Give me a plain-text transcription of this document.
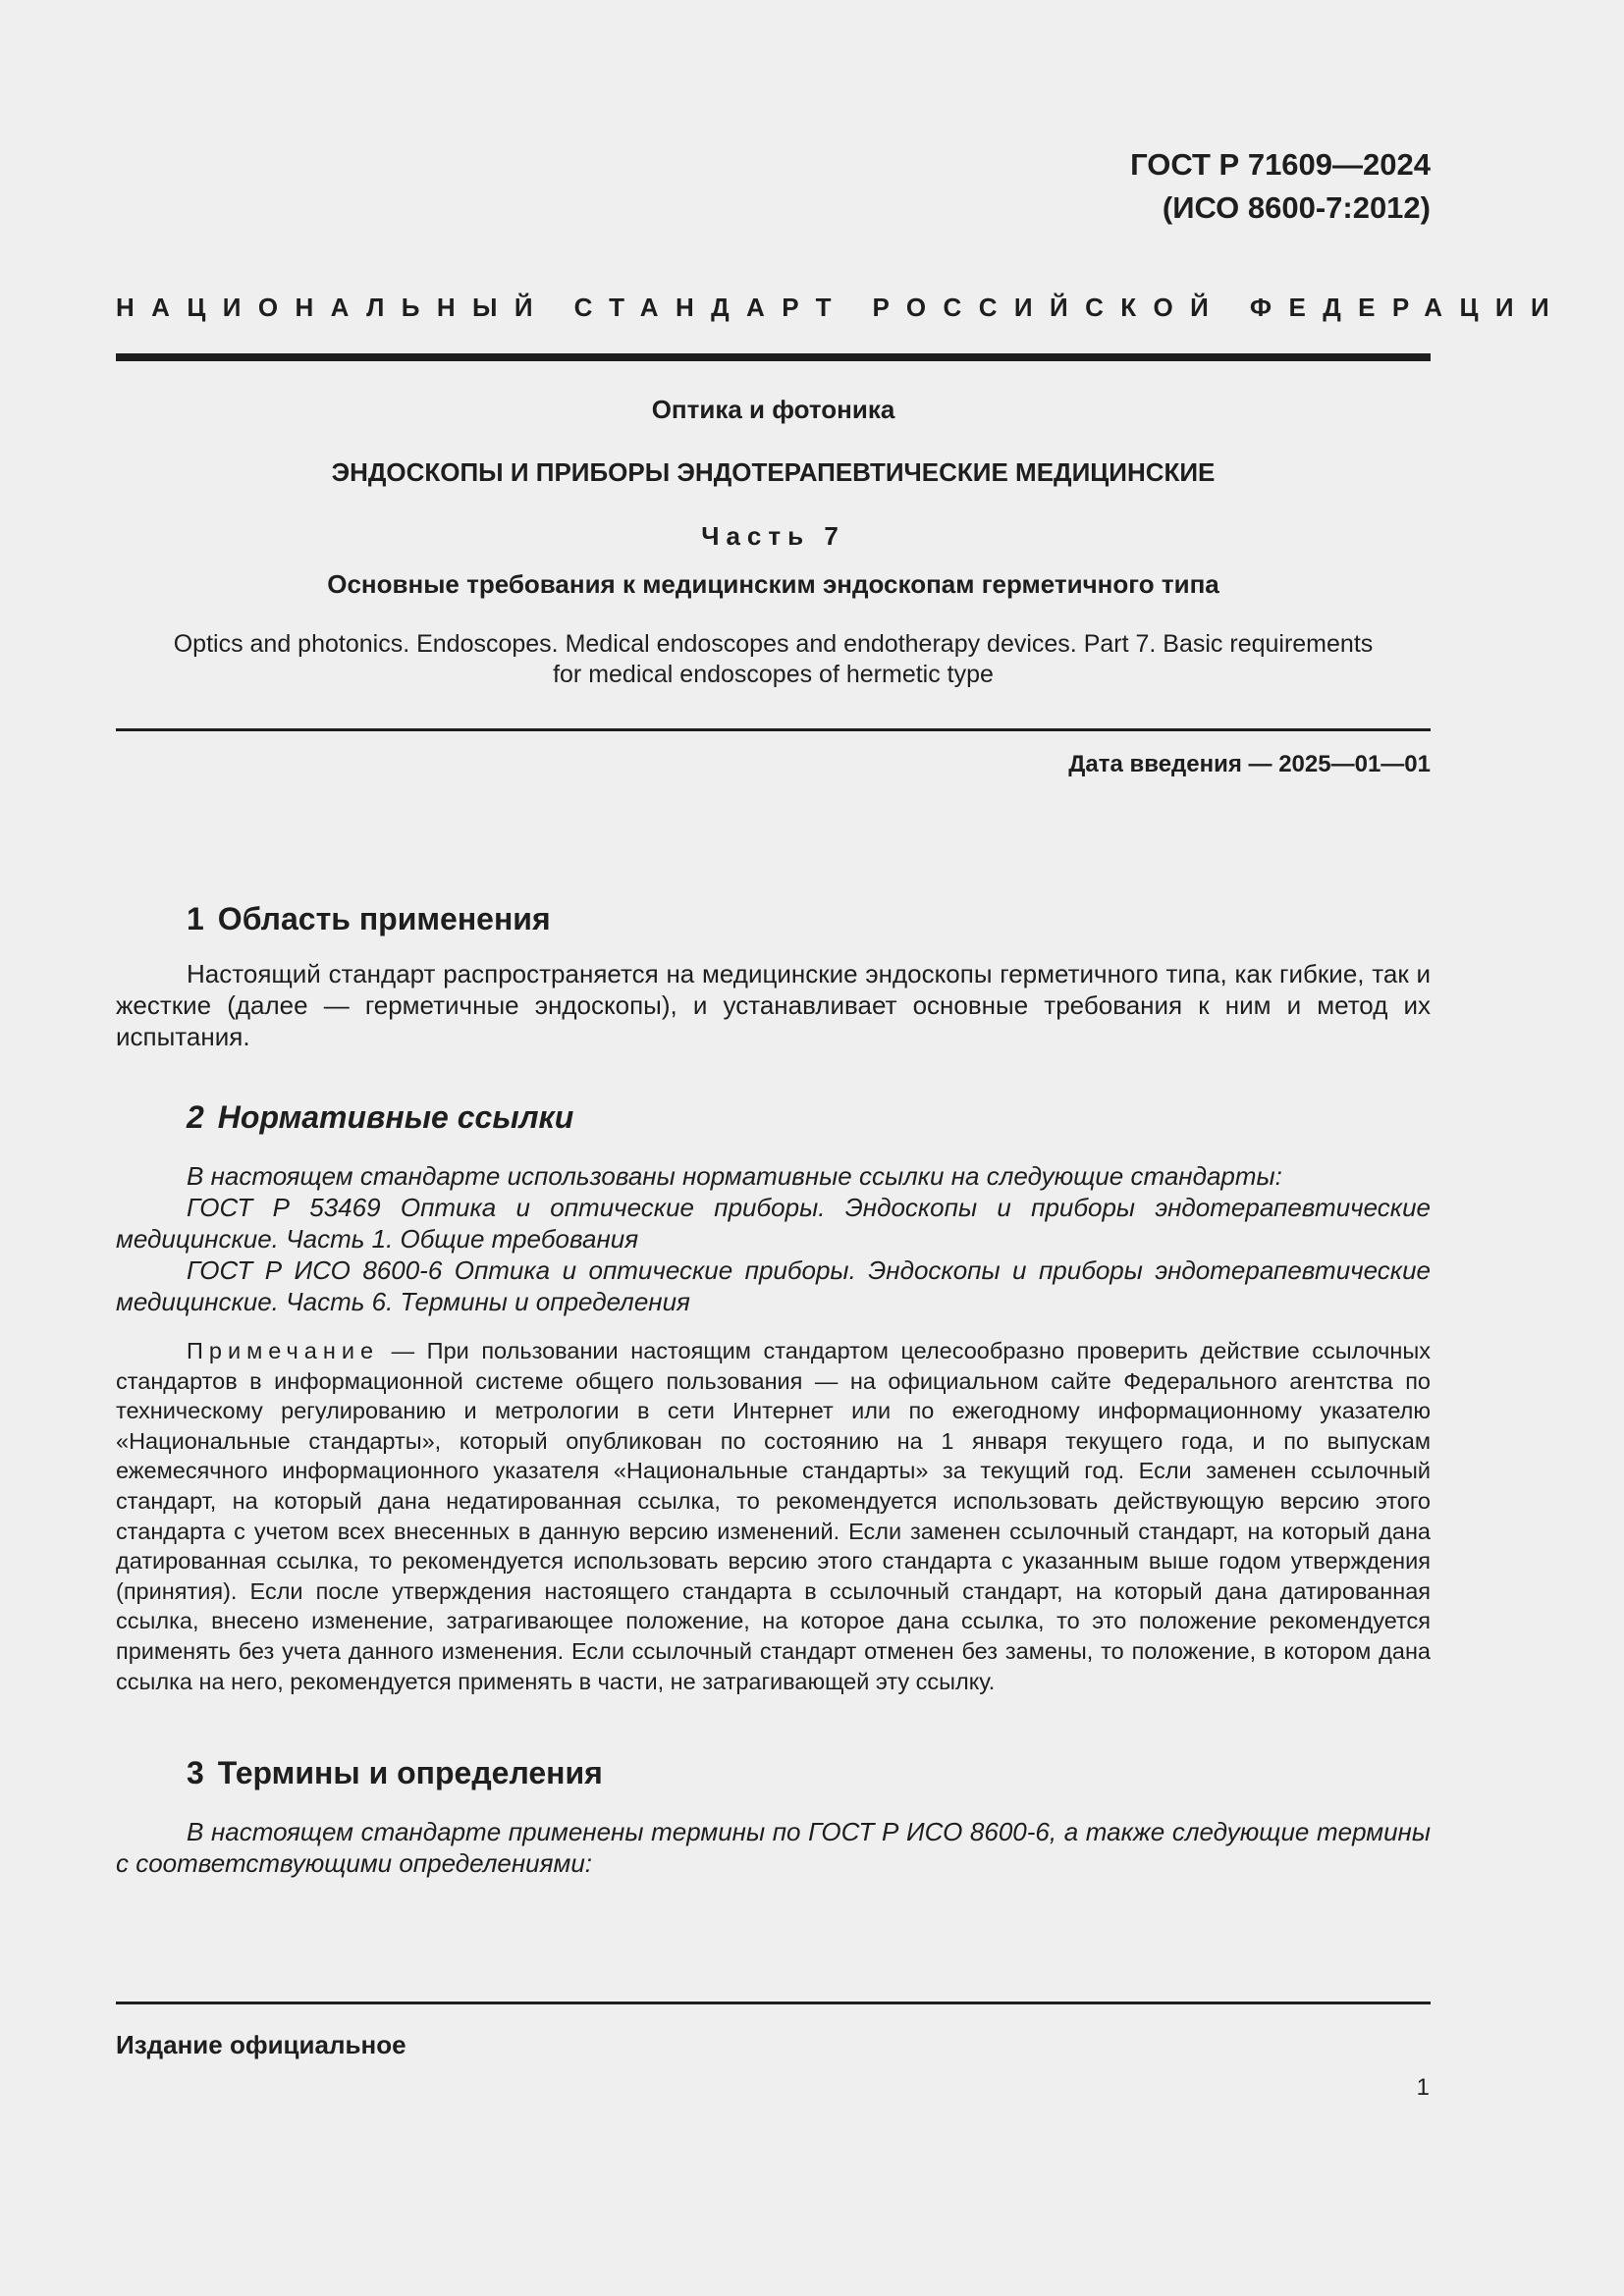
ГОСТ Р 71609—2024
(ИСО 8600-7:2012)
НАЦИОНАЛЬНЫЙ СТАНДАРТ РОССИЙСКОЙ ФЕДЕРАЦИИ
Оптика и фотоника
ЭНДОСКОПЫ И ПРИБОРЫ ЭНДОТЕРАПЕВТИЧЕСКИЕ МЕДИЦИНСКИЕ
Часть 7
Основные требования к медицинским эндоскопам герметичного типа
Optics and photonics. Endoscopes. Medical endoscopes and endotherapy devices. Part 7. Basic requirements
for medical endoscopes of hermetic type
Дата введения — 2025—01—01
1 Область применения

Настоящий стандарт распространяется на медицинские эндоскопы герметичного типа, как гибкие, так и жесткие (далее — герметичные эндоскопы), и устанавливает основные требования к ним и метод их испытания.

2 Нормативные ссылки

В настоящем стандарте использованы нормативные ссылки на следующие стандарты:

ГОСТ Р 53469 Оптика и оптические приборы. Эндоскопы и приборы эндотерапевтические медицинские. Часть 1. Общие требования

ГОСТ Р ИСО 8600-6 Оптика и оптические приборы. Эндоскопы и приборы эндотерапевтические медицинские. Часть 6. Термины и определения

Примечание — При пользовании настоящим стандартом целесообразно проверить действие ссылочных стандартов в информационной системе общего пользования — на официальном сайте Федерального агентства по техническому регулированию и метрологии в сети Интернет или по ежегодному информационному указателю «Национальные стандарты», который опубликован по состоянию на 1 января текущего года, и по выпускам ежемесячного информационного указателя «Национальные стандарты» за текущий год. Если заменен ссылочный стандарт, на который дана недатированная ссылка, то рекомендуется использовать действующую версию этого стандарта с учетом всех внесенных в данную версию изменений. Если заменен ссылочный стандарт, на который дана датированная ссылка, то рекомендуется использовать версию этого стандарта с указанным выше годом утверждения (принятия). Если после утверждения настоящего стандарта в ссылочный стандарт, на который дана датированная ссылка, внесено изменение, затрагивающее положение, на которое дана ссылка, то это положение рекомендуется применять без учета данного изменения. Если ссылочный стандарт отменен без замены, то положение, в котором дана ссылка на него, рекомендуется применять в части, не затрагивающей эту ссылку.

3 Термины и определения

В настоящем стандарте применены термины по ГОСТ Р ИСО 8600-6, а также следующие термины с соответствующими определениями:

Издание официальное
1
